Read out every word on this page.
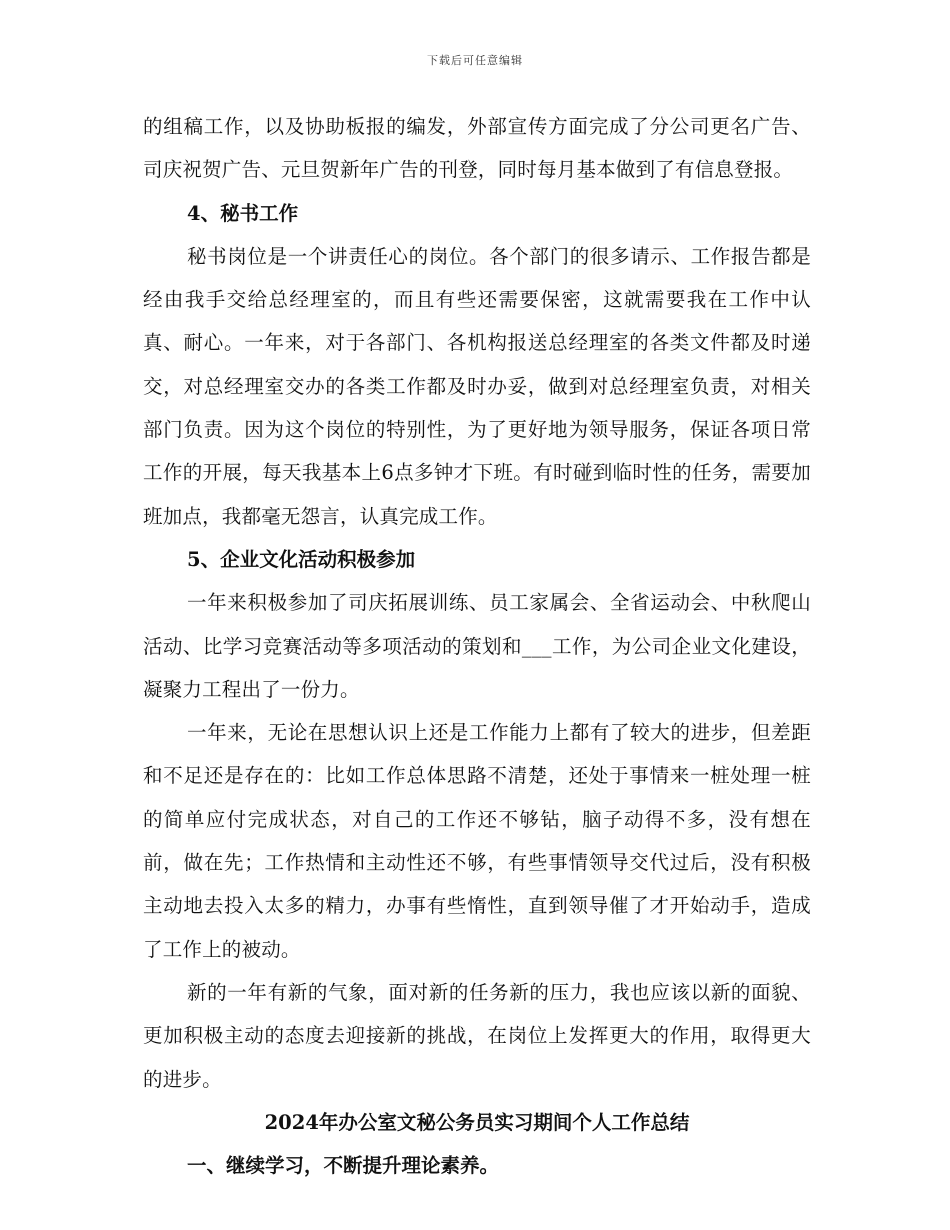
下载后可任意编辑

的组稿工作，以及协助板报的编发，外部宣传方面完成了分公司更名广告、司庆祝贺广告、元旦贺新年广告的刊登，同时每月基本做到了有信息登报。

4、秘书工作

秘书岗位是一个讲责任心的岗位。各个部门的很多请示、工作报告都是经由我手交给总经理室的，而且有些还需要保密，这就需要我在工作中认真、耐心。一年来，对于各部门、各机构报送总经理室的各类文件都及时递交，对总经理室交办的各类工作都及时办妥，做到对总经理室负责，对相关部门负责。因为这个岗位的特别性，为了更好地为领导服务，保证各项日常工作的开展，每天我基本上6点多钟才下班。有时碰到临时性的任务，需要加班加点，我都毫无怨言，认真完成工作。

5、企业文化活动积极参加

一年来积极参加了司庆拓展训练、员工家属会、全省运动会、中秋爬山活动、比学习竞赛活动等多项活动的策划和___工作，为公司企业文化建设，凝聚力工程出了一份力。

一年来，无论在思想认识上还是工作能力上都有了较大的进步，但差距和不足还是存在的：比如工作总体思路不清楚，还处于事情来一桩处理一桩的简单应付完成状态，对自己的工作还不够钻，脑子动得不多，没有想在前，做在先；工作热情和主动性还不够，有些事情领导交代过后，没有积极主动地去投入太多的精力，办事有些惰性，直到领导催了才开始动手，造成了工作上的被动。

新的一年有新的气象，面对新的任务新的压力，我也应该以新的面貌、更加积极主动的态度去迎接新的挑战，在岗位上发挥更大的作用，取得更大的进步。

2024年办公室文秘公务员实习期间个人工作总结

一、继续学习，不断提升理论素养。
